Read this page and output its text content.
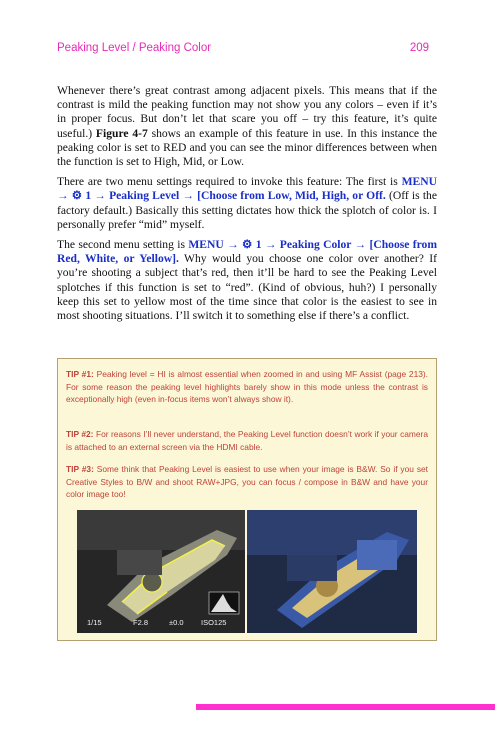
Peaking Level / Peaking Color	209

Whenever there’s great contrast among adjacent pixels. This means that if the contrast is mild the peaking function may not show you any colors – even if it’s in proper focus. But don’t let that scare you off – try this feature, it’s quite useful.) Figure 4-7 shows an example of this feature in use. In this instance the peaking color is set to RED and you can see the minor differences between when the function is set to High, Mid, or Low.

There are two menu settings required to invoke this feature: The first is MENU → ⚙ 1 → Peaking Level → [Choose from Low, Mid, High, or Off. (Off is the factory default.) Basically this setting dictates how thick the splotch of color is. I personally prefer “mid” myself.

The second menu setting is MENU → ⚙ 1 → Peaking Color → [Choose from Red, White, or Yellow]. Why would you choose one color over another? If you’re shooting a subject that’s red, then it’ll be hard to see the Peaking Level splotches if this function is set to “red”. (Kind of obvious, huh?) I personally keep this set to yellow most of the time since that color is the easiest to see in most shooting situations. I’ll switch it to something else if there’s a conflict.

TIP #1: Peaking level = HI is almost essential when zoomed in and using MF Assist (page 213). For some reason the peaking level highlights barely show in this mode unless the contrast is exceptionally high (even in-focus items won’t always show it).
TIP #2: For reasons I’ll never understand, the Peaking Level function doesn’t work if your camera is attached to an external screen via the HDMI cable.
TIP #3: Some think that Peaking Level is easiest to use when your image is B&W. So if you set Creative Styles to B/W and shoot RAW+JPG, you can focus / compose in B&W and have your color image too!
1/15	F2.8	±0.0 ISO125
